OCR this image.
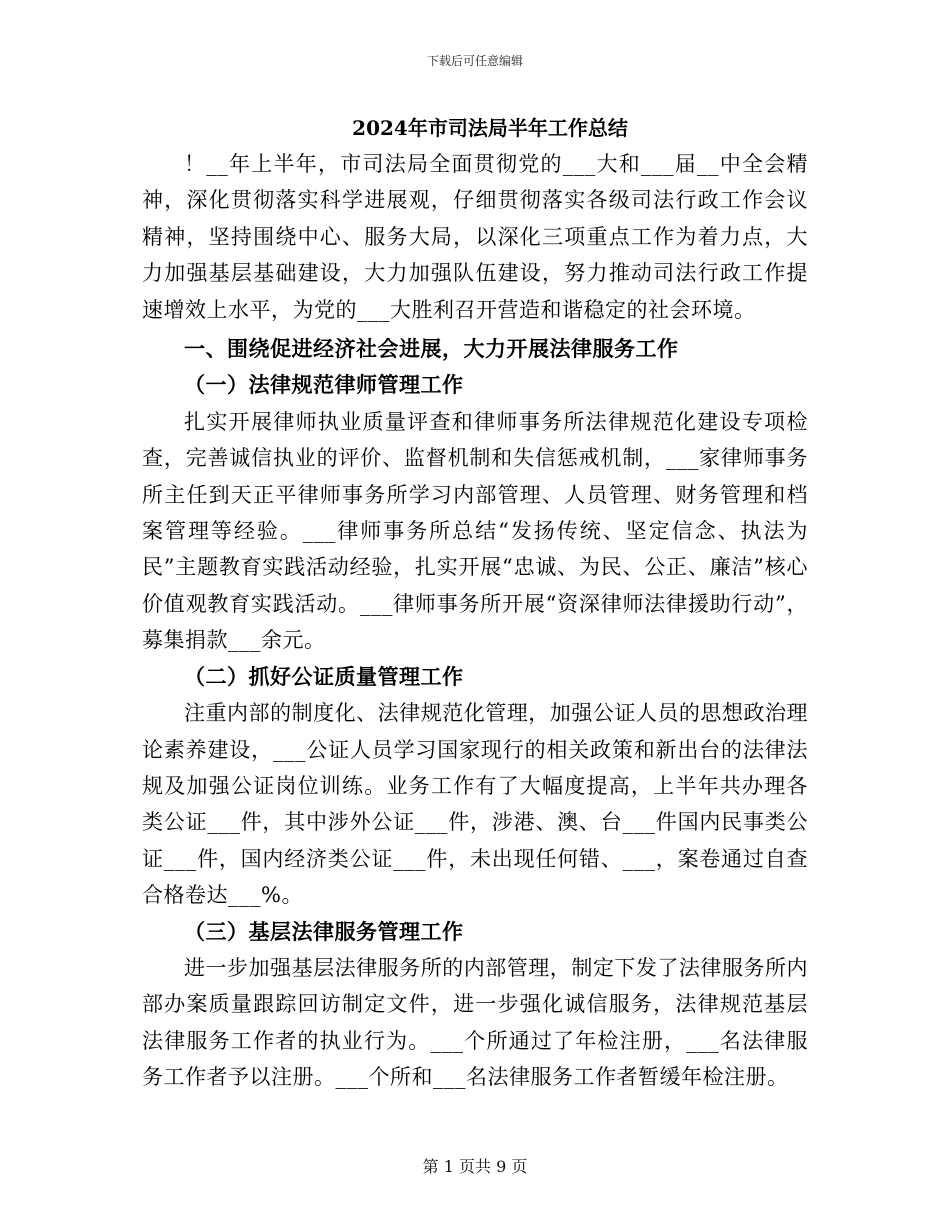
下载后可任意编辑
2024年市司法局半年工作总结

！__年上半年，市司法局全面贯彻党的___大和___届__中全会精神，深化贯彻落实科学进展观，仔细贯彻落实各级司法行政工作会议精神，坚持围绕中心、服务大局，以深化三项重点工作为着力点，大力加强基层基础建设，大力加强队伍建设，努力推动司法行政工作提速增效上水平，为党的___大胜利召开营造和谐稳定的社会环境。

一、围绕促进经济社会进展，大力开展法律服务工作

（一）法律规范律师管理工作

扎实开展律师执业质量评查和律师事务所法律规范化建设专项检查，完善诚信执业的评价、监督机制和失信惩戒机制，___家律师事务所主任到天正平律师事务所学习内部管理、人员管理、财务管理和档案管理等经验。___律师事务所总结“发扬传统、坚定信念、执法为民”主题教育实践活动经验，扎实开展“忠诚、为民、公正、廉洁”核心价值观教育实践活动。___律师事务所开展“资深律师法律援助行动”，募集捐款___余元。

（二）抓好公证质量管理工作

注重内部的制度化、法律规范化管理，加强公证人员的思想政治理论素养建设，___公证人员学习国家现行的相关政策和新出台的法律法规及加强公证岗位训练。业务工作有了大幅度提高，上半年共办理各类公证___件，其中涉外公证___件，涉港、澳、台___件国内民事类公证___件，国内经济类公证___件，未出现任何错、___，案卷通过自查合格卷达___%。

（三）基层法律服务管理工作

进一步加强基层法律服务所的内部管理，制定下发了法律服务所内部办案质量跟踪回访制定文件，进一步强化诚信服务，法律规范基层法律服务工作者的执业行为。___个所通过了年检注册，___名法律服务工作者予以注册。___个所和___名法律服务工作者暂缓年检注册。

第 1 页共 9 页
